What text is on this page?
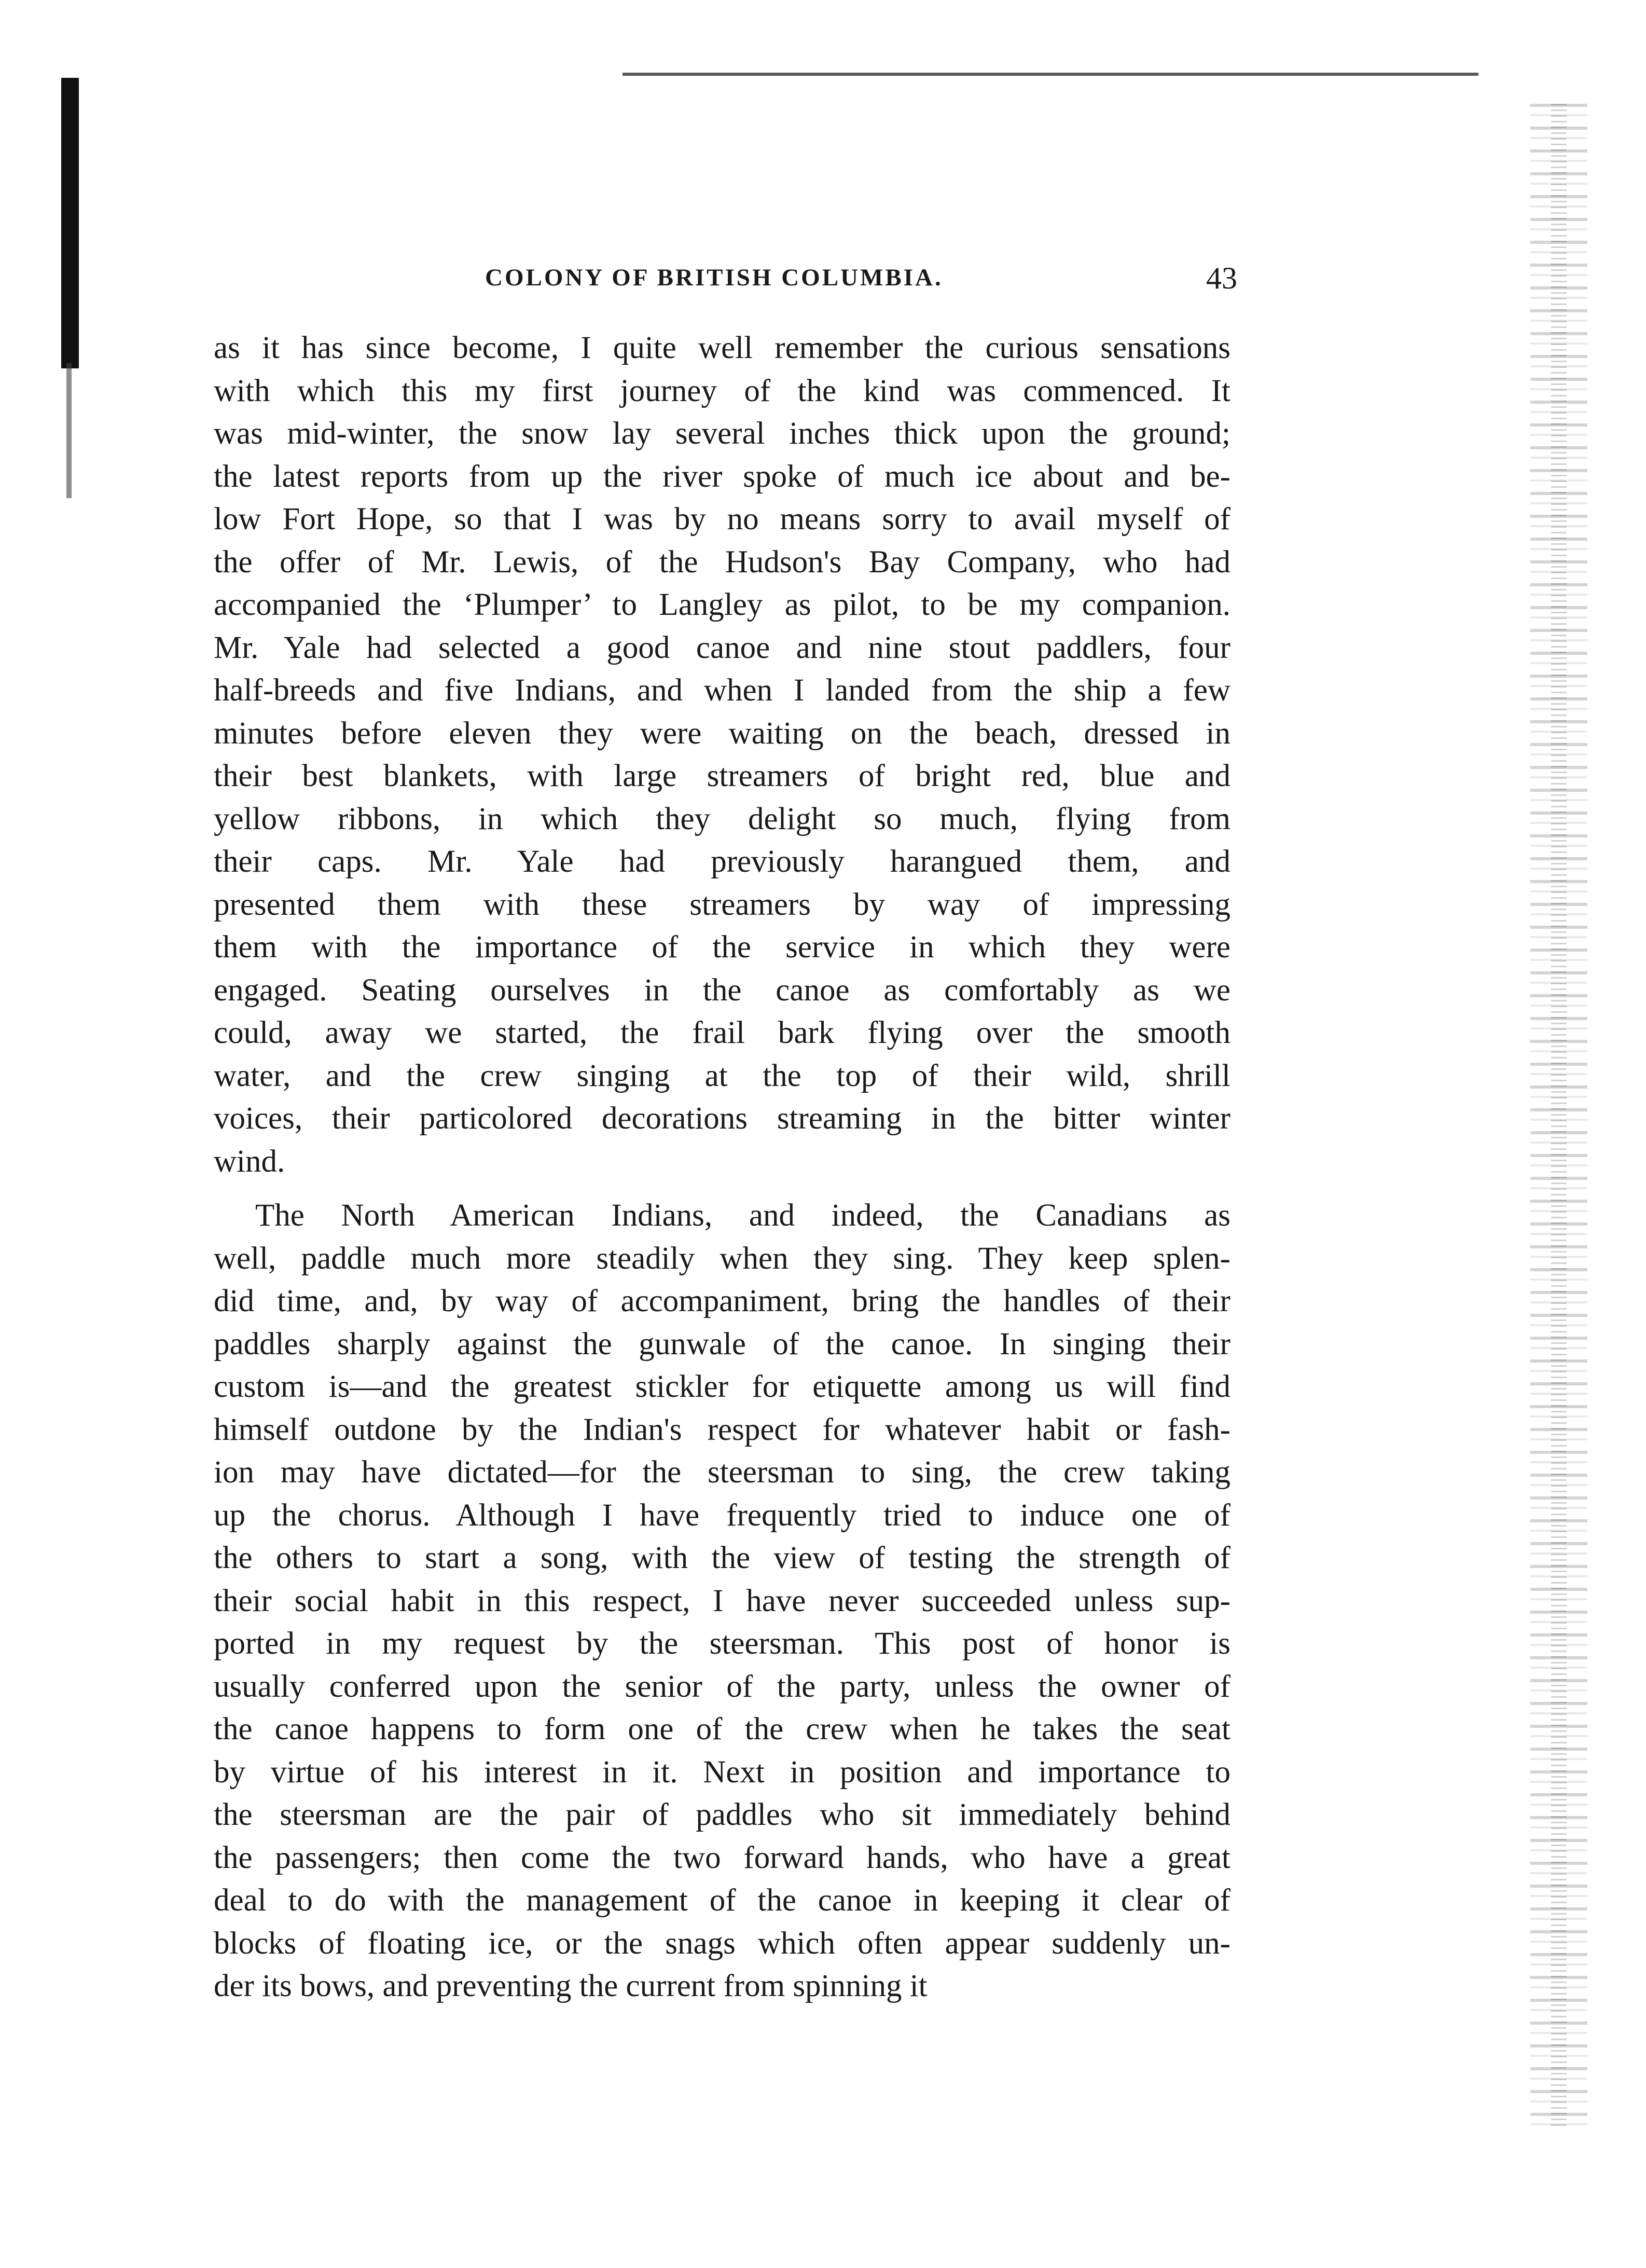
COLONY OF BRITISH COLUMBIA.	43
as it has since become, I quite well remember the curious sensations
with which this my first journey of the kind was commenced. It
was mid-winter, the snow lay several inches thick upon the ground;
the latest reports from up the river spoke of much ice about and be-
low Fort Hope, so that I was by no means sorry to avail myself of
the offer of Mr. Lewis, of the Hudson's Bay Company, who had
accompanied the ‘Plumper’ to Langley as pilot, to be my companion.
Mr. Yale had selected a good canoe and nine stout paddlers, four
half-breeds and five Indians, and when I landed from the ship a few
minutes before eleven they were waiting on the beach, dressed in
their best blankets, with large streamers of bright red, blue and
yellow ribbons, in which they delight so much, flying from
their caps. Mr. Yale had previously harangued them, and
presented them with these streamers by way of impressing
them with the importance of the service in which they were
engaged. Seating ourselves in the canoe as comfortably as we
could, away we started, the frail bark flying over the smooth
water, and the crew singing at the top of their wild, shrill
voices, their particolored decorations streaming in the bitter winter
wind.
The North American Indians, and indeed, the Canadians as
well, paddle much more steadily when they sing. They keep splen-
did time, and, by way of accompaniment, bring the handles of their
paddles sharply against the gunwale of the canoe. In singing their
custom is—and the greatest stickler for etiquette among us will find
himself outdone by the Indian's respect for whatever habit or fash-
ion may have dictated—for the steersman to sing, the crew taking
up the chorus. Although I have frequently tried to induce one of
the others to start a song, with the view of testing the strength of
their social habit in this respect, I have never succeeded unless sup-
ported in my request by the steersman. This post of honor is
usually conferred upon the senior of the party, unless the owner of
the canoe happens to form one of the crew when he takes the seat
by virtue of his interest in it. Next in position and importance to
the steersman are the pair of paddles who sit immediately behind
the passengers; then come the two forward hands, who have a great
deal to do with the management of the canoe in keeping it clear of
blocks of floating ice, or the snags which often appear suddenly un-
der its bows, and preventing the current from spinning it
